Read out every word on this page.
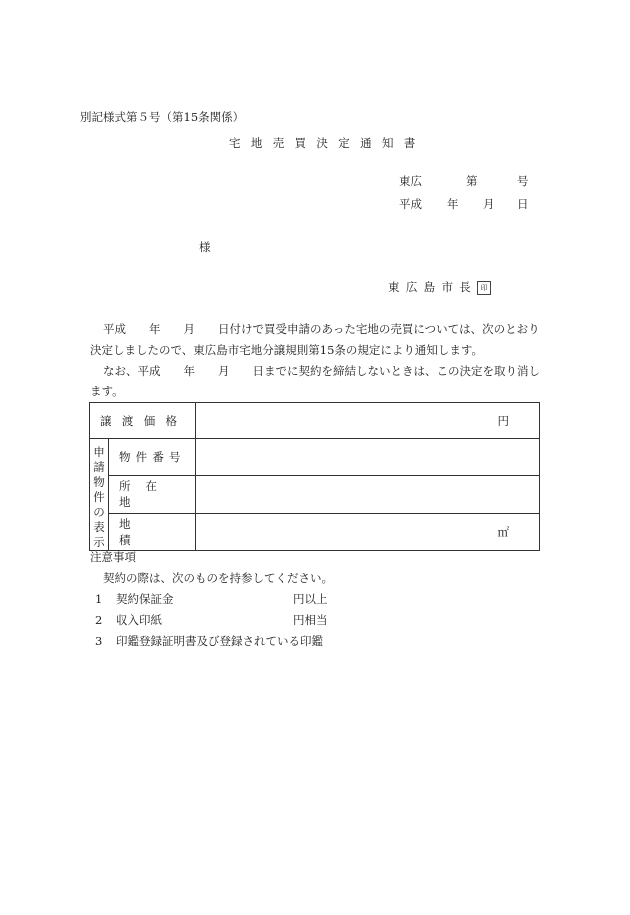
別記様式第５号（第15条関係）
宅地売買決定通知書
東広	第	号
平成 年 月 日
様
東広島市長 印
平成　　年　　月　　日付けで買受申請のあった宅地の売買については、次のとおり
決定しましたので、東広島市宅地分譲規則第15条の規定により通知します。
なお、平成　　年　　月　　日までに契約を締結しないときは、この決定を取り消し
ます。
譲渡価格		円
申請物件の表示	物件番号	
	所在地	
	地積	㎡
注意事項
契約の際は、次のものを持参してください。
1 契約保証金	円以上
2 収入印紙	円相当
3 印鑑登録証明書及び登録されている印鑑
